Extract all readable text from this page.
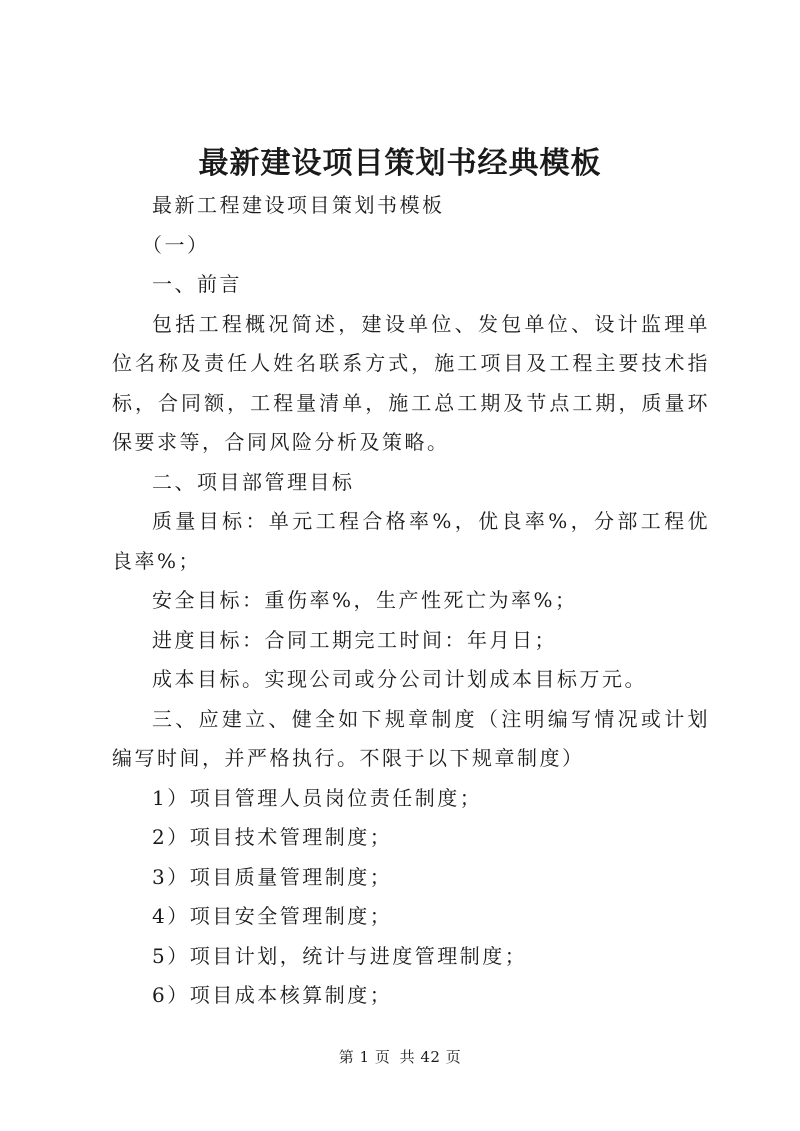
最新建设项目策划书经典模板

最新工程建设项目策划书模板

（一）

一、前言

包括工程概况简述，建设单位、发包单位、设计监理单位名称及责任人姓名联系方式，施工项目及工程主要技术指标，合同额，工程量清单，施工总工期及节点工期，质量环保要求等，合同风险分析及策略。

二、项目部管理目标

质量目标：单元工程合格率%，优良率%，分部工程优良率%；

安全目标：重伤率%，生产性死亡为率%；

进度目标：合同工期完工时间：年月日；

成本目标。实现公司或分公司计划成本目标万元。

三、应建立、健全如下规章制度（注明编写情况或计划编写时间，并严格执行。不限于以下规章制度）

1）项目管理人员岗位责任制度；

2）项目技术管理制度；

3）项目质量管理制度；

4）项目安全管理制度；

5）项目计划，统计与进度管理制度；

6）项目成本核算制度；

第 1 页 共 42 页
